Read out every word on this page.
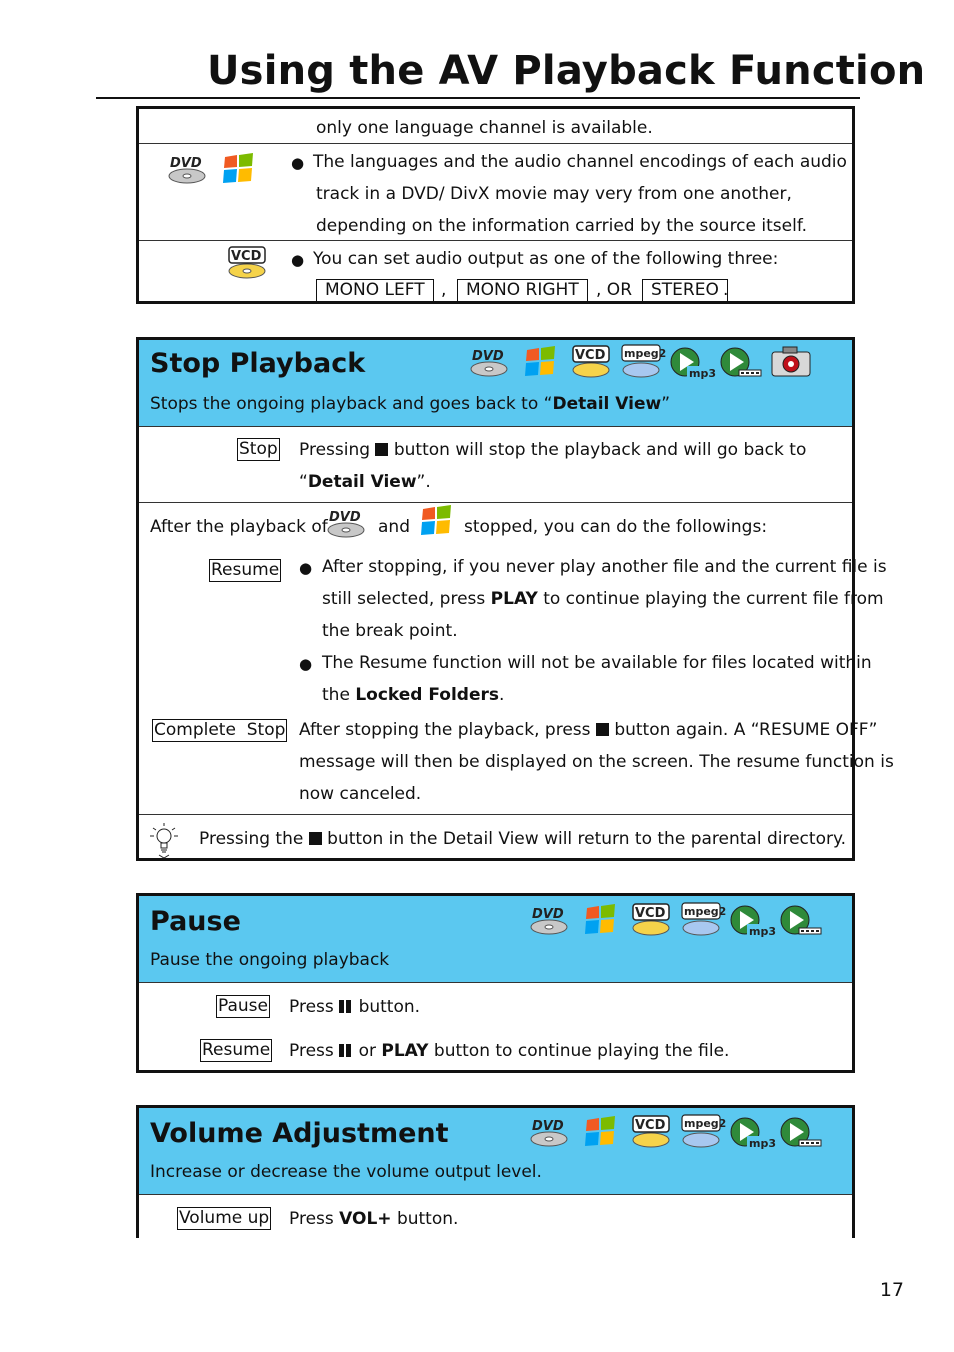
Using the AV Playback Function
only one language channel is available.
DVD	● The languages and the audio channel encodings of each audio
track in a DVD/ DivX movie may very from one another,
depending on the information carried by the source itself.
VCD ● You can set audio output as one of the following three:
MONO LEFT ,	MONO RIGHT	, OR	STEREO .
Stop Playback	DVD	VCD mpeg2
mp3
Stops the ongoing playback and goes back to “Detail View”
Stop Pressing button will stop the playback and will go back to
“Detail View”.
After the playback of DVD and	stopped, you can do the followings:
Resume ● After stopping, if you never play another file and the current file is
still selected, press PLAY to continue playing the current file from
the break point.
● The Resume function will not be available for files located within
the Locked Folders.
Complete  Stop After stopping the playback, press button again. A “RESUME OFF”
message will then be displayed on the screen. The resume function is
now canceled.
Pressing the button in the Detail View will return to the parental directory.
Pause	DVD	VCD mpeg2
mp3
Pause the ongoing playback
Pause Press button.
Resume Press or PLAY button to continue playing the file.
Volume Adjustment	DVD	VCD mpeg2
mp3
Increase or decrease the volume output level.
Volume up Press VOL+ button.
17
